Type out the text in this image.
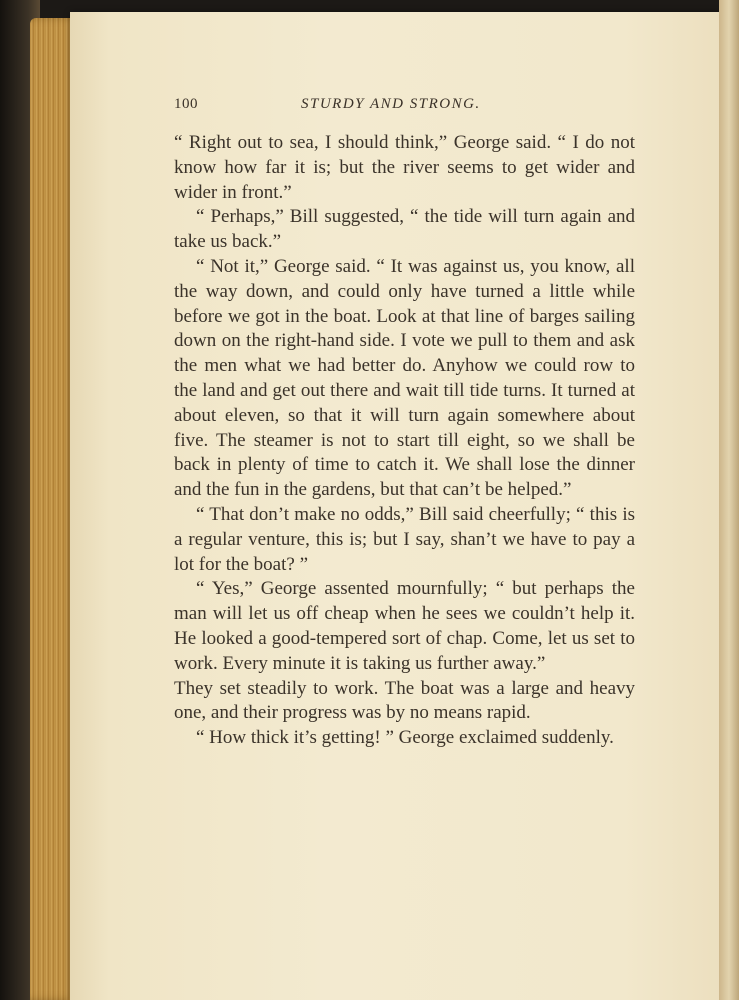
100	STURDY AND STRONG.

“ Right out to sea, I should think,” George said. “ I do not know how far it is; but the river seems to get wider and wider in front.”

“ Perhaps,” Bill suggested, “ the tide will turn again and take us back.”

“ Not it,” George said. “ It was against us, you know, all the way down, and could only have turned a little while before we got in the boat. Look at that line of barges sailing down on the right-hand side. I vote we pull to them and ask the men what we had better do. Anyhow we could row to the land and get out there and wait till tide turns. It turned at about eleven, so that it will turn again somewhere about five. The steamer is not to start till eight, so we shall be back in plenty of time to catch it. We shall lose the dinner and the fun in the gardens, but that can’t be helped.”

“ That don’t make no odds,” Bill said cheerfully; “ this is a regular venture, this is; but I say, shan’t we have to pay a lot for the boat? ”

“ Yes,” George assented mournfully; “ but perhaps the man will let us off cheap when he sees we couldn’t help it. He looked a good-tempered sort of chap. Come, let us set to work. Every minute it is taking us further away.”

They set steadily to work. The boat was a large and heavy one, and their progress was by no means rapid.

“ How thick it’s getting! ” George exclaimed suddenly.
